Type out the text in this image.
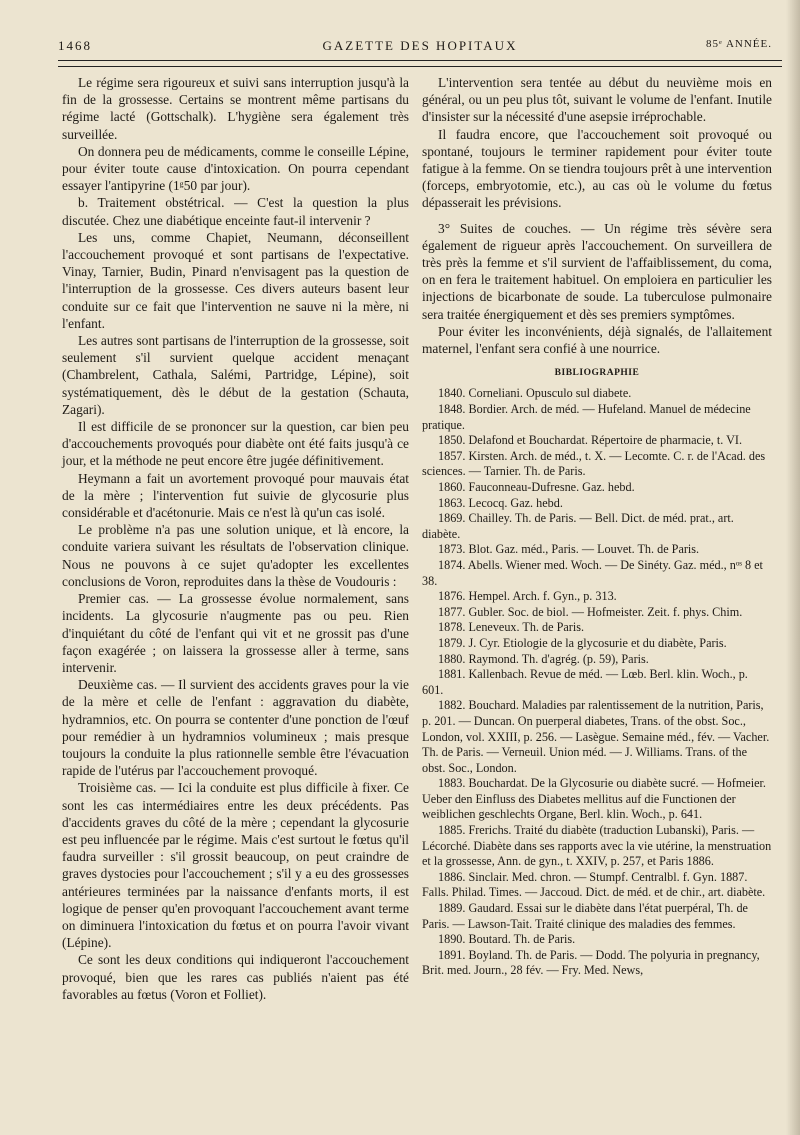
1468	GAZETTE DES HOPITAUX	85ᵉ ANNÉE.

Le régime sera rigoureux et suivi sans interruption jusqu'à la fin de la grossesse. Certains se montrent même partisans du régime lacté (Gottschalk). L'hygiène sera également très surveillée.

On donnera peu de médicaments, comme le conseille Lépine, pour éviter toute cause d'intoxication. On pourra cependant essayer l'antipyrine (1ᵍ50 par jour).

b. Traitement obstétrical. — C'est la question la plus discutée. Chez une diabétique enceinte faut-il intervenir ?

Les uns, comme Chapiet, Neumann, déconseillent l'accouchement provoqué et sont partisans de l'expectative. Vinay, Tarnier, Budin, Pinard n'envisagent pas la question de l'interruption de la grossesse. Ces divers auteurs basent leur conduite sur ce fait que l'intervention ne sauve ni la mère, ni l'enfant.

Les autres sont partisans de l'interruption de la grossesse, soit seulement s'il survient quelque accident menaçant (Chambrelent, Cathala, Salémi, Partridge, Lépine), soit systématiquement, dès le début de la gestation (Schauta, Zagari).

Il est difficile de se prononcer sur la question, car bien peu d'accouchements provoqués pour diabète ont été faits jusqu'à ce jour, et la méthode ne peut encore être jugée définitivement.

Heymann a fait un avortement provoqué pour mauvais état de la mère ; l'intervention fut suivie de glycosurie plus considérable et d'acétonurie. Mais ce n'est là qu'un cas isolé.

Le problème n'a pas une solution unique, et là encore, la conduite variera suivant les résultats de l'observation clinique. Nous ne pouvons à ce sujet qu'adopter les excellentes conclusions de Voron, reproduites dans la thèse de Voudouris :

Premier cas. — La grossesse évolue normalement, sans incidents. La glycosurie n'augmente pas ou peu. Rien d'inquiétant du côté de l'enfant qui vit et ne grossit pas d'une façon exagérée ; on laissera la grossesse aller à terme, sans intervenir.

Deuxième cas. — Il survient des accidents graves pour la vie de la mère et celle de l'enfant : aggravation du diabète, hydramnios, etc. On pourra se contenter d'une ponction de l'œuf pour remédier à un hydramnios volumineux ; mais presque toujours la conduite la plus rationnelle semble être l'évacuation rapide de l'utérus par l'accouchement provoqué.

Troisième cas. — Ici la conduite est plus difficile à fixer. Ce sont les cas intermédiaires entre les deux précédents. Pas d'accidents graves du côté de la mère ; cependant la glycosurie est peu influencée par le régime. Mais c'est surtout le fœtus qu'il faudra surveiller : s'il grossit beaucoup, on peut craindre de graves dystocies pour l'accouchement ; s'il y a eu des grossesses antérieures terminées par la naissance d'enfants morts, il est logique de penser qu'en provoquant l'accouchement avant terme on diminuera l'intoxication du fœtus et on pourra l'avoir vivant (Lépine).

Ce sont les deux conditions qui indiqueront l'accouchement provoqué, bien que les rares cas publiés n'aient pas été favorables au fœtus (Voron et Folliet).

L'intervention sera tentée au début du neuvième mois en général, ou un peu plus tôt, suivant le volume de l'enfant. Inutile d'insister sur la nécessité d'une asepsie irréprochable.

Il faudra encore, que l'accouchement soit provoqué ou spontané, toujours le terminer rapidement pour éviter toute fatigue à la femme. On se tiendra toujours prêt à une intervention (forceps, embryotomie, etc.), au cas où le volume du fœtus dépasserait les prévisions.

3° Suites de couches. — Un régime très sévère sera également de rigueur après l'accouchement. On surveillera de très près la femme et s'il survient de l'affaiblissement, du coma, on en fera le traitement habituel. On emploiera en particulier les injections de bicarbonate de soude. La tuberculose pulmonaire sera traitée énergiquement et dès ses premiers symptômes.

Pour éviter les inconvénients, déjà signalés, de l'allaitement maternel, l'enfant sera confié à une nourrice.

BIBLIOGRAPHIE

1840. Corneliani. Opusculo sul diabete.

1848. Bordier. Arch. de méd. — Hufeland. Manuel de médecine pratique.

1850. Delafond et Bouchardat. Répertoire de pharmacie, t. VI.

1857. Kirsten. Arch. de méd., t. X. — Lecomte. C. r. de l'Acad. des sciences. — Tarnier. Th. de Paris.

1860. Fauconneau-Dufresne. Gaz. hebd.

1863. Lecocq. Gaz. hebd.

1869. Chailley. Th. de Paris. — Bell. Dict. de méd. prat., art. diabète.

1873. Blot. Gaz. méd., Paris. — Louvet. Th. de Paris.

1874. Abells. Wiener med. Woch. — De Sinéty. Gaz. méd., nᵒˢ 8 et 38.

1876. Hempel. Arch. f. Gyn., p. 313.

1877. Gubler. Soc. de biol. — Hofmeister. Zeit. f. phys. Chim.

1878. Leneveux. Th. de Paris.

1879. J. Cyr. Etiologie de la glycosurie et du diabète, Paris.

1880. Raymond. Th. d'agrég. (p. 59), Paris.

1881. Kallenbach. Revue de méd. — Lœb. Berl. klin. Woch., p. 601.

1882. Bouchard. Maladies par ralentissement de la nutrition, Paris, p. 201. — Duncan. On puerperal diabetes, Trans. of the obst. Soc., London, vol. XXIII, p. 256. — Lasègue. Semaine méd., fév. — Vacher. Th. de Paris. — Verneuil. Union méd. — J. Williams. Trans. of the obst. Soc., London.

1883. Bouchardat. De la Glycosurie ou diabète sucré. — Hofmeier. Ueber den Einfluss des Diabetes mellitus auf die Functionen der weiblichen geschlechts Organe, Berl. klin. Woch., p. 641.

1885. Frerichs. Traité du diabète (traduction Lubanski), Paris. — Lécorché. Diabète dans ses rapports avec la vie utérine, la menstruation et la grossesse, Ann. de gyn., t. XXIV, p. 257, et Paris 1886.

1886. Sinclair. Med. chron. — Stumpf. Centralbl. f. Gyn. 1887. Falls. Philad. Times. — Jaccoud. Dict. de méd. et de chir., art. diabète.

1889. Gaudard. Essai sur le diabète dans l'état puerpéral, Th. de Paris. — Lawson-Tait. Traité clinique des maladies des femmes.

1890. Boutard. Th. de Paris.

1891. Boyland. Th. de Paris. — Dodd. The polyuria in pregnancy, Brit. med. Journ., 28 fév. — Fry. Med. News,
